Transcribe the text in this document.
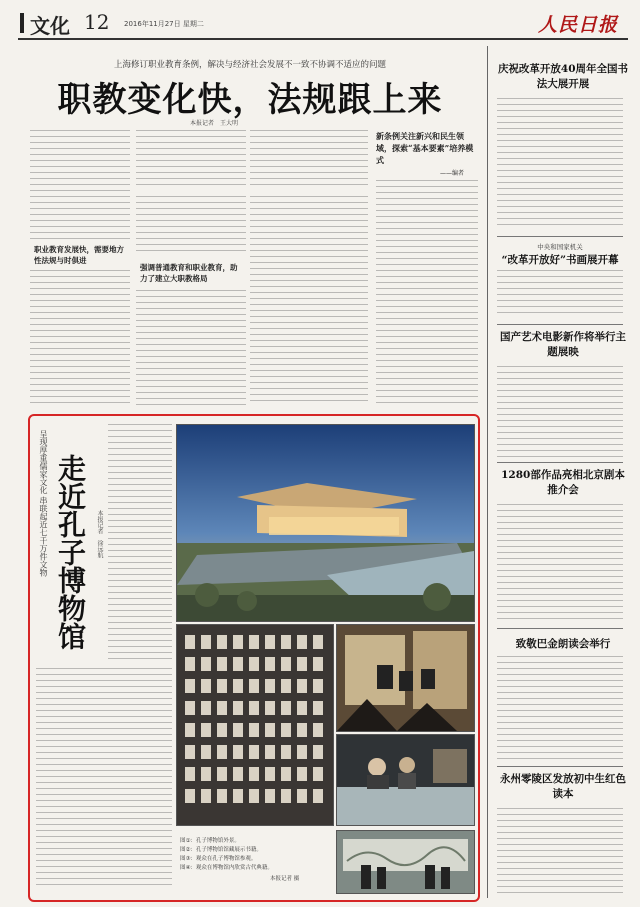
文化 12 2016年11月27日 星期二	人民日报
上海修订职业教育条例，解决与经济社会发展不一致不协调不适应的问题
职教变化快，法规跟上来
本报记者　王大明
新条例关注新兴和民生领域，探索“基本要素”培养模式
——编者
职业教育发展快，需要地方性法规与时俱进
强调普通教育和职业教育，助力了建立大职教格局
呈现厚重儒家文化 串联起近七千万件文物 走近孔子博物馆	本报记者　徐远航
图①：孔子博物馆外景。
图②：孔子博物馆馆藏展示书籍。
图③：观众在孔子博物馆参观。
图④：观众在博物馆内欣赏古代典籍。
本报记者 摄
庆祝改革开放40周年全国书法大展开展
中央和国家机关
“改革开放好”书画展开幕
国产艺术电影新作将举行主题展映
1280部作品亮相北京剧本推介会
致敬巴金朗读会举行
永州零陵区发放初中生红色读本
